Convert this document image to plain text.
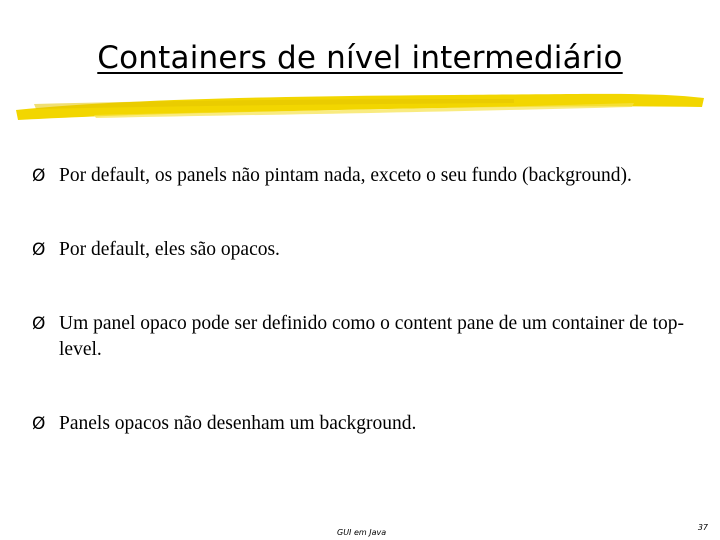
Containers de nível intermediário
Ø Por default, os panels não pintam nada, exceto o seu fundo (background).
Ø Por default, eles são opacos.
Ø Um panel opaco pode ser definido como o content pane de um container de top-level.
Ø Panels opacos não desenham um background.
GUI em Java
37
